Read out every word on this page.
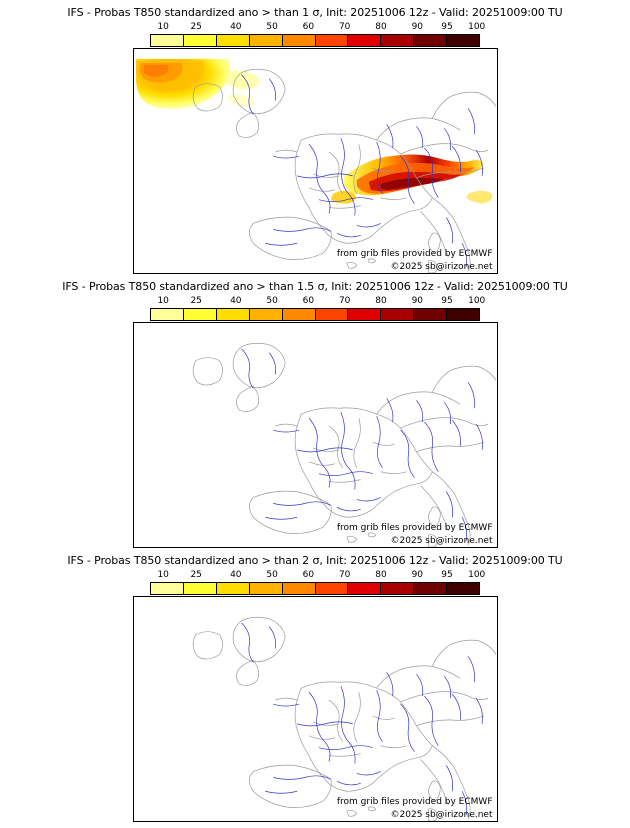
IFS - Probas T850 standardized ano > than 1 σ, Init: 20251006 12z - Valid: 20251009:00 TU
10 25	40	50	60	70	80	90 95 100
from grib files provided by ECMWF
©2025 sb@irizone.net
IFS - Probas T850 standardized ano > than 1.5 σ, Init: 20251006 12z - Valid: 20251009:00 TU
10 25	40	50	60	70	80	90 95 100
from grib files provided by ECMWF
©2025 sb@irizone.net
IFS - Probas T850 standardized ano > than 2 σ, Init: 20251006 12z - Valid: 20251009:00 TU
10 25	40	50	60	70	80	90 95 100
from grib files provided by ECMWF
©2025 sb@irizone.net
